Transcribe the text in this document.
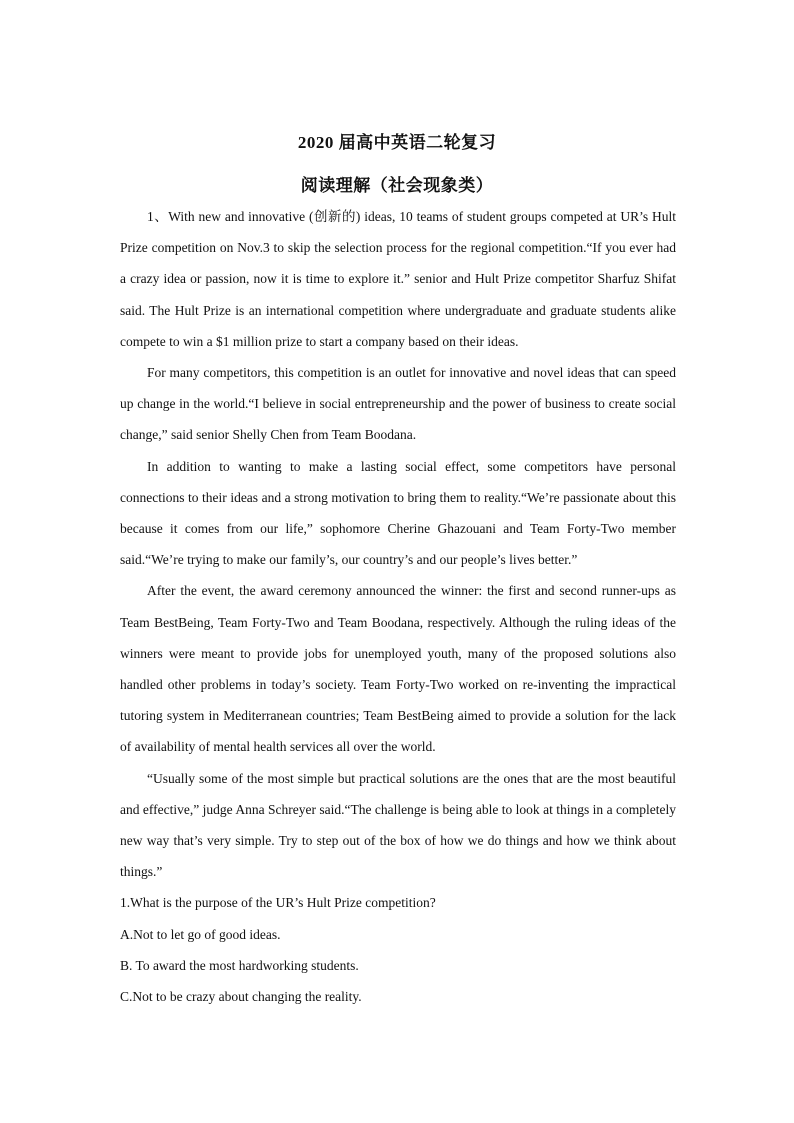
2020 届高中英语二轮复习
阅读理解（社会现象类）

1、With new and innovative (创新的) ideas, 10 teams of student groups competed at UR’s Hult Prize competition on Nov.3 to skip the selection process for the regional competition.“If you ever had a crazy idea or passion, now it is time to explore it.” senior and Hult Prize competitor Sharfuz Shifat said. The Hult Prize is an international competition where undergraduate and graduate students alike compete to win a $1 million prize to start a company based on their ideas.

For many competitors, this competition is an outlet for innovative and novel ideas that can speed up change in the world.“I believe in social entrepreneurship and the power of business to create social change,” said senior Shelly Chen from Team Boodana.

In addition to wanting to make a lasting social effect, some competitors have personal connections to their ideas and a strong motivation to bring them to reality.“We’re passionate about this because it comes from our life,” sophomore Cherine Ghazouani and Team Forty-Two member said.“We’re trying to make our family’s, our country’s and our people’s lives better.”

After the event, the award ceremony announced the winner: the first and second runner-ups as Team BestBeing, Team Forty-Two and Team Boodana, respectively. Although the ruling ideas of the winners were meant to provide jobs for unemployed youth, many of the proposed solutions also handled other problems in today’s society. Team Forty-Two worked on re-inventing the impractical tutoring system in Mediterranean countries; Team BestBeing aimed to provide a solution for the lack of availability of mental health services all over the world.

“Usually some of the most simple but practical solutions are the ones that are the most beautiful and effective,” judge Anna Schreyer said.“The challenge is being able to look at things in a completely new way that’s very simple. Try to step out of the box of how we do things and how we think about things.”

1.What is the purpose of the UR’s Hult Prize competition?

A.Not to let go of good ideas.

B. To award the most hardworking students.

C.Not to be crazy about changing the reality.
